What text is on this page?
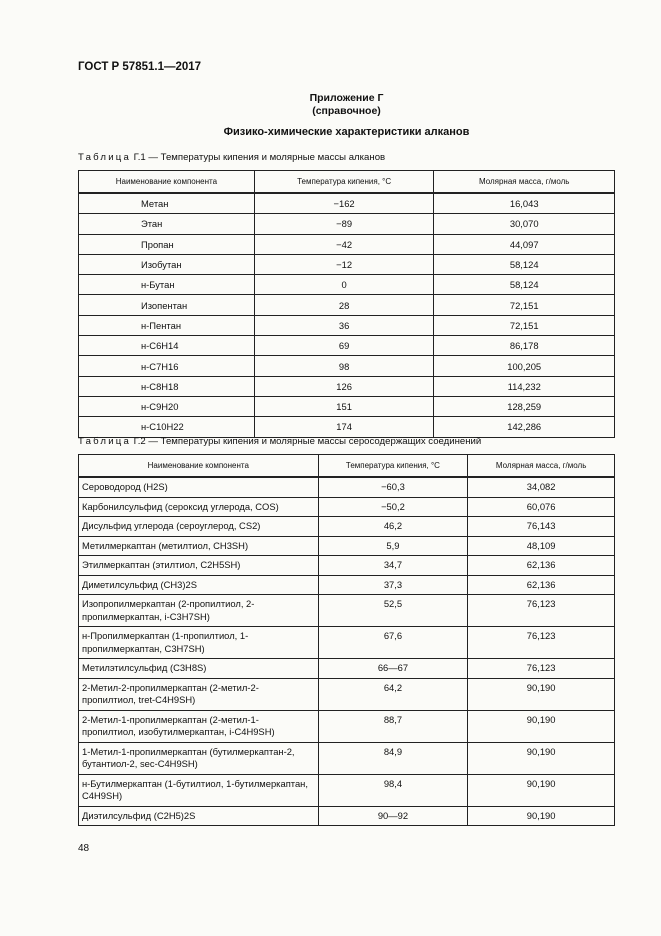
ГОСТ Р 57851.1—2017
Приложение Г
(справочное)
Физико-химические характеристики алканов
Таблица Г.1 — Температуры кипения и молярные массы алканов
Наименование компонента	Температура кипения, °С	Молярная масса, г/моль
Метан	−162	16,043
Этан	−89	30,070
Пропан	−42	44,097
Изобутан	−12	58,124
н-Бутан	0	58,124
Изопентан	28	72,151
н-Пентан	36	72,151
н-C6H14	69	86,178
н-C7H16	98	100,205
н-C8H18	126	114,232
н-C9H20	151	128,259
н-C10H22	174	142,286
Таблица Г.2 — Температуры кипения и молярные массы серосодержащих соединений
Наименование компонента	Температура кипения, °С	Молярная масса, г/моль
Сероводород (H2S)	−60,3	34,082
Карбонилсульфид (сероксид углерода, COS)	−50,2	60,076
Дисульфид углерода (сероуглерод, CS2)	46,2	76,143
Метилмеркаптан (метилтиол, CH3SH)	5,9	48,109
Этилмеркаптан (этилтиол, C2H5SH)	34,7	62,136
Диметилсульфид (CH3)2S	37,3	62,136
Изопропилмеркаптан (2-пропилтиол, 2-пропилмеркаптан, i-C3H7SH)	52,5	76,123
н-Пропилмеркаптан (1-пропилтиол, 1-пропилмеркаптан, C3H7SH)	67,6	76,123
Метилэтилсульфид (C3H8S)	66—67	76,123
2-Метил-2-пропилмеркаптан (2-метил-2-пропилтиол, tret-C4H9SH)	64,2	90,190
2-Метил-1-пропилмеркаптан (2-метил-1-пропилтиол, изобутилмеркаптан, i-C4H9SH)	88,7	90,190
1-Метил-1-пропилмеркаптан (бутилмеркаптан-2, бутантиол-2, sec-C4H9SH)	84,9	90,190
н-Бутилмеркаптан (1-бутилтиол, 1-бутилмеркаптан, C4H9SH)	98,4	90,190
Диэтилсульфид (C2H5)2S	90—92	90,190
48
